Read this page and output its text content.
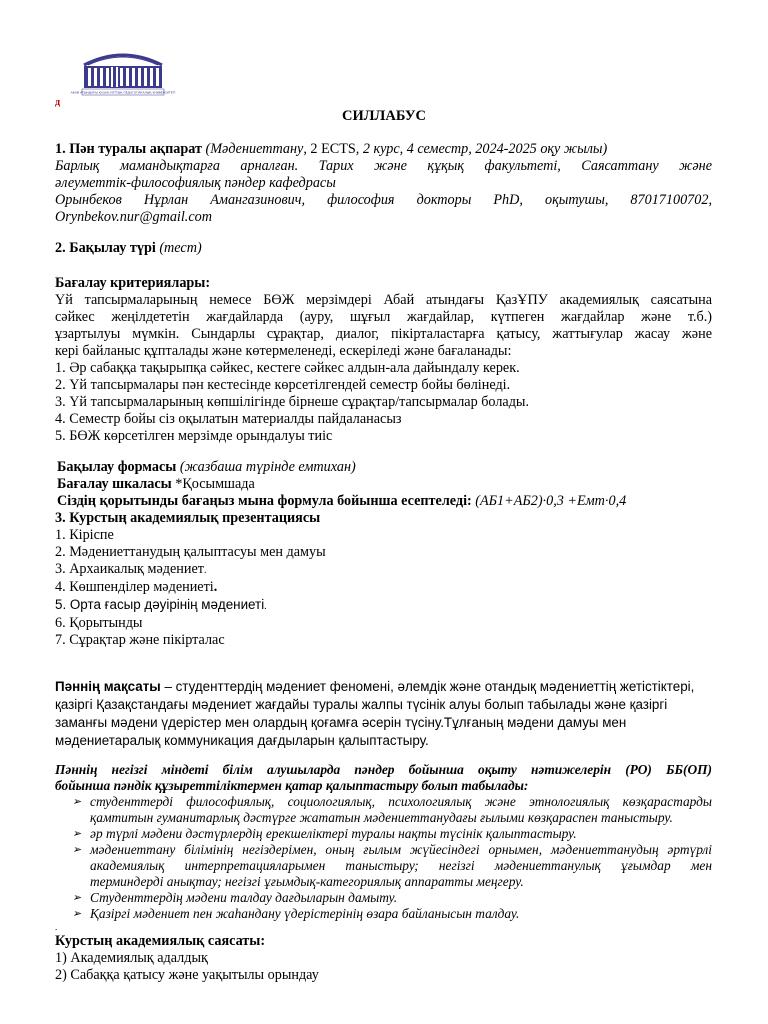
АБАЙ АТЫНДАҒЫ ҚАЗАҚ ҰЛТТЫҚ ПЕДАГОГИКАЛЫҚ УНИВЕРСИТЕТІ
д
СИЛЛАБУС
1. Пән туралы ақпарат (Мәдениеттану, 2 ECTS, 2 курс, 4 семестр, 2024-2025 оқу жылы)
Барлық мамандықтарға арналған. Тарих және құқық факультеті, Саясаттану және
әлеуметтік-философиялық пәндер кафедрасы
Орынбеков Нұрлан Амангазинович, философия докторы PhD, оқытушы, 87017100702,
Orynbekov.nur@gmail.com
2. Бақылау түрі (тест)
Бағалау критериялары:
Үй тапсырмаларының немесе БӨЖ мерзімдері Абай атындағы ҚазҰПУ академиялық саясатына
сәйкес жеңілдететін жағдайларда (ауру, шұғыл жағдайлар, күтпеген жағдайлар және т.б.)
ұзартылуы мүмкін. Сындарлы сұрақтар, диалог, пікірталастарға қатысу, жаттығулар жасау және
кері байланыс құпталады және көтермеленеді, ескеріледі және бағаланады:
1. Әр сабаққа тақырыпқа сәйкес, кестеге сәйкес алдын-ала дайындалу керек.
2. Үй тапсырмалары пән кестесінде көрсетілгендей семестр бойы бөлінеді.
3. Үй тапсырмаларының көпшілігінде бірнеше сұрақтар/тапсырмалар болады.
4. Семестр бойы сіз оқылатын материалды пайдаланасыз
5. БӨЖ көрсетілген мерзімде орындалуы тиіс
Бақылау формасы (жазбаша түрінде емтихан)
Бағалау шкаласы *Қосымшада
Сіздің қорытынды бағаңыз мына формула бойынша есептеледі: (АБ1+АБ2)∙0,3 +Емт∙0,4
3. Курстың академиялық презентациясы
1. Кіріспе
2. Мәдениеттанудың қалыптасуы мен дамуы
3. Архаикалық мәдениет.
4. Көшпенділер мәдениеті.
5. Орта ғасыр дәуірінің мәдениеті.
6. Қорытынды
7. Сұрақтар және пікірталас
Пәннің мақсаты – студенттердің мәдениет феномені, әлемдік және отандық мәдениеттің жетістіктері,
қазіргі Қазақстандағы мәдениет жағдайы туралы жалпы түсінік алуы болып табылады және қазіргі
заманғы мәдени үдерістер мен олардың қоғамға әсерін түсіну.Тұлғаның мәдени дамуы мен
мәдениетаралық коммуникация дағдыларын қалыптастыру.
Пәннің негізгі міндеті білім алушыларда пәндер бойынша оқыту нәтижелерін (РО) ББ(ОП)
бойынша пәндік құзыреттіліктермен қатар қалыптастыру болып табылады:
➢ студенттерді философиялық, социологиялық, психологиялық және этнологиялық көзқарастарды
қамтитын гуманитарлық дәстүрге жататын мәдениеттанудағы ғылыми көзқараспен таныстыру.
➢ әр түрлі мәдени дәстүрлердің ерекшеліктері туралы нақты түсінік қалыптастыру.
➢ мәдениеттану білімінің негіздерімен, оның ғылым жүйесіндегі орнымен, мәдениеттанудың әртүрлі
академиялық интерпретацияларымен таныстыру; негізгі мәдениеттанулық ұғымдар мен
терминдерді анықтау; негізгі ұғымдық-категориялық аппаратты меңгеру.
➢ Студенттердің мәдени талдау дағдыларын дамыту.
➢ Қазіргі мәдениет пен жаһандану үдерістерінің өзара байланысын талдау.
.
Курстың академиялық саясаты:
1) Академиялық адалдық
2) Сабаққа қатысу және уақытылы орындау
